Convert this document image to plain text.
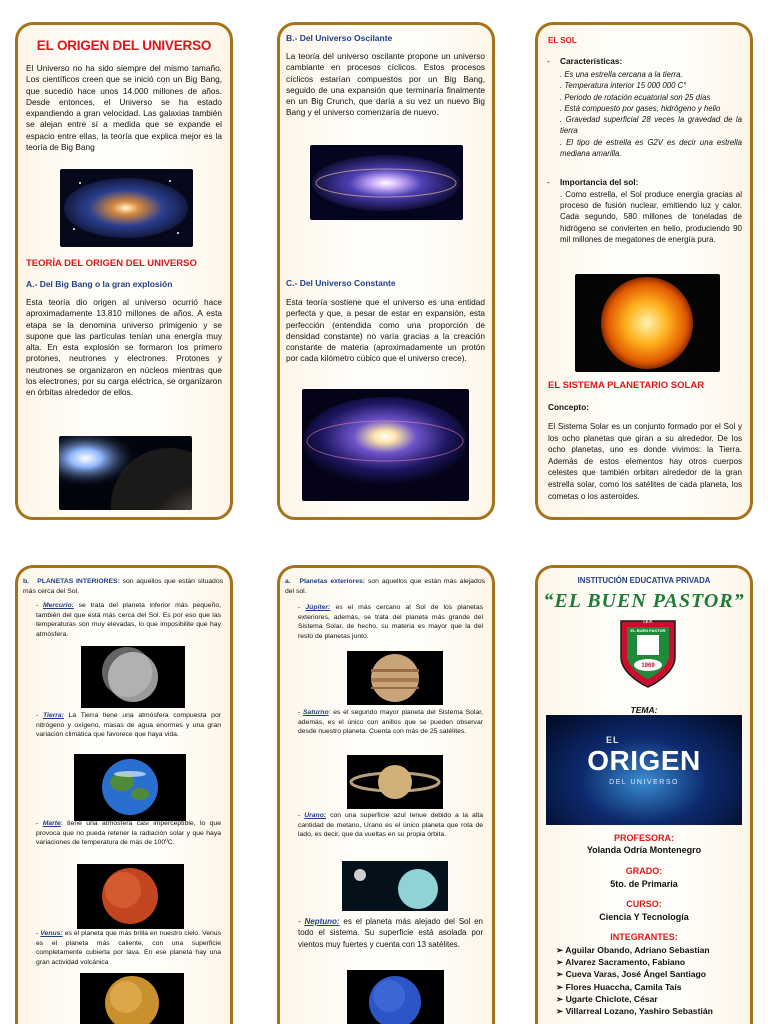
EL ORIGEN DEL UNIVERSO

El Universo no ha sido siempre del mismo tamaño. Los científicos creen que se inició con un Big Bang, que sucedió hace unos 14.000 millones de años. Desde entonces, el Universo se ha estado expandiendo a gran velocidad. Las galaxias también se alejan entre sí a medida que se expande el espacio entre ellas, la teoría que explica mejor es la teoría de Big Bang

TEORÍA DEL ORIGEN DEL UNIVERSO
A.- Del Big Bang o la gran explosión

Esta teoría dio origen al universo ocurrió hace aproximadamente 13.810 millones de años. A esta etapa se la denomina universo primigenio y se supone que las partículas tenían una energía muy alta. En esta explosión se formaron los primero protones, neutrones y electrones. Protones y neutrones se organizaron en núcleos mientras que los electrones, por su carga eléctrica, se organizaron en órbitas alrededor de ellos.

B.- Del Universo Oscilante

La teoría del universo oscilante propone un universo cambiante en procesos cíclicos. Estos procesos cíclicos estarían compuestos por un Big Bang, seguido de una expansión que terminaría finalmente en un Big Crunch, que daría a su vez un nuevo Big Bang y el universo comenzaría de nuevo.

C.- Del Universo Constante

Esta teoría sostiene que el universo es una entidad perfecta y que, a pesar de estar en expansión, esta perfección (entendida como una proporción de densidad constante) no varía gracias a la creación constante de materia (aproximadamente un protón por cada kilómetro cúbico que el universo crece).

EL SOL
Características:
-
. Es una estrella cercana a la tierra.
. Temperatura interior 15 000 000 C°
. Periodo de rotación ecuatorial son 25 días
. Está compuesto por gases, hidrógeno y helio
. Gravedad superficial 28 veces la gravedad de la tierra
. El tipo de estrella es G2V es decir una estrella mediana amarilla.
- Importancia del sol:

. Como estrella, el Sol produce energía gracias al proceso de fusión nuclear, emitiendo luz y calor. Cada segundo, 580 millones de toneladas de hidrógeno se convierten en helio, produciendo 90 mil millones de megatones de energía pura.

EL SISTEMA PLANETARIO SOLAR
Concepto:

El Sistema Solar es un conjunto formado por el Sol y los ocho planetas que giran a su alrededor. De los ocho planetas, uno es donde vivimos: la Tierra. Además de estos elementos hay otros cuerpos celestes que también orbitan alrededor de la gran estrella solar, como los satélites de cada planeta, los cometas o los asteroides.

b. PLANETAS INTERIORES: son aquellos que están situados más cerca del Sol.

- Mercurio: se trata del planeta inferior más pequeño, también del que está más cerca del Sol. Es por eso que las temperaturas son muy elevadas, lo que imposibilite que hay atmósfera.

- Tierra: La Tierra tiene una atmósfera compuesta por nitrógeno y oxígeno, masas de agua enormes y una gran variación climática que favorece que haya vida.

- Marte: tiene una atmósfera casi imperceptible, lo que provoca que no pueda retener la radiación solar y que haya variaciones de temperatura de más de 100ºC.

- Venus: es el planeta que más brilla en nuestro cielo. Venus es el planeta más caliente, con una superficie completamente cubierta por lava. En ese planeta hay una gran actividad volcánica

a. Planetas exteriores: son aquellos que están más alejados del sol.

- Júpiter: es el más cercano al Sol de los planetas exteriores, además, se trata del planeta más grande del Sistema Solar, de hecho, su materia es mayor que la del resto de planetas junto.

- Saturno: es el segundo mayor planeta del Sistema Solar, además, es el único con anillos que se pueden observar desde nuestro planeta. Cuenta con más de 25 satélites.

- Urano: con una superficie azul tenue debido a la alta cantidad de metano, Urano es el único planeta que rota de lado, es decir, que da vueltas en su propia órbita.

- Neptuno: es el planeta más alejado del Sol en todo el sistema. Su superficie está asolada por vientos muy fuertes y cuenta con 13 satélites.

INSTITUCIÓN EDUCATIVA PRIVADA
“EL BUEN PASTOR”
I.E.P.
EL BUEN PASTOR
1969
TEMA:
EL
ORIGEN
DEL UNIVERSO
PROFESORA:
Yolanda Odría Montenegro
GRADO:
5to. de Primaria
CURSO:
Ciencia Y Tecnología
INTEGRANTES:
➢ Aguilar Obando, Adriano Sebastian
➢ Alvarez Sacramento, Fabiano
➢ Cueva Varas, José Ángel Santiago
➢ Flores Huaccha, Camila Taís
➢ Ugarte Chiclote, César
➢ Villarreal Lozano, Yashiro Sebastián
